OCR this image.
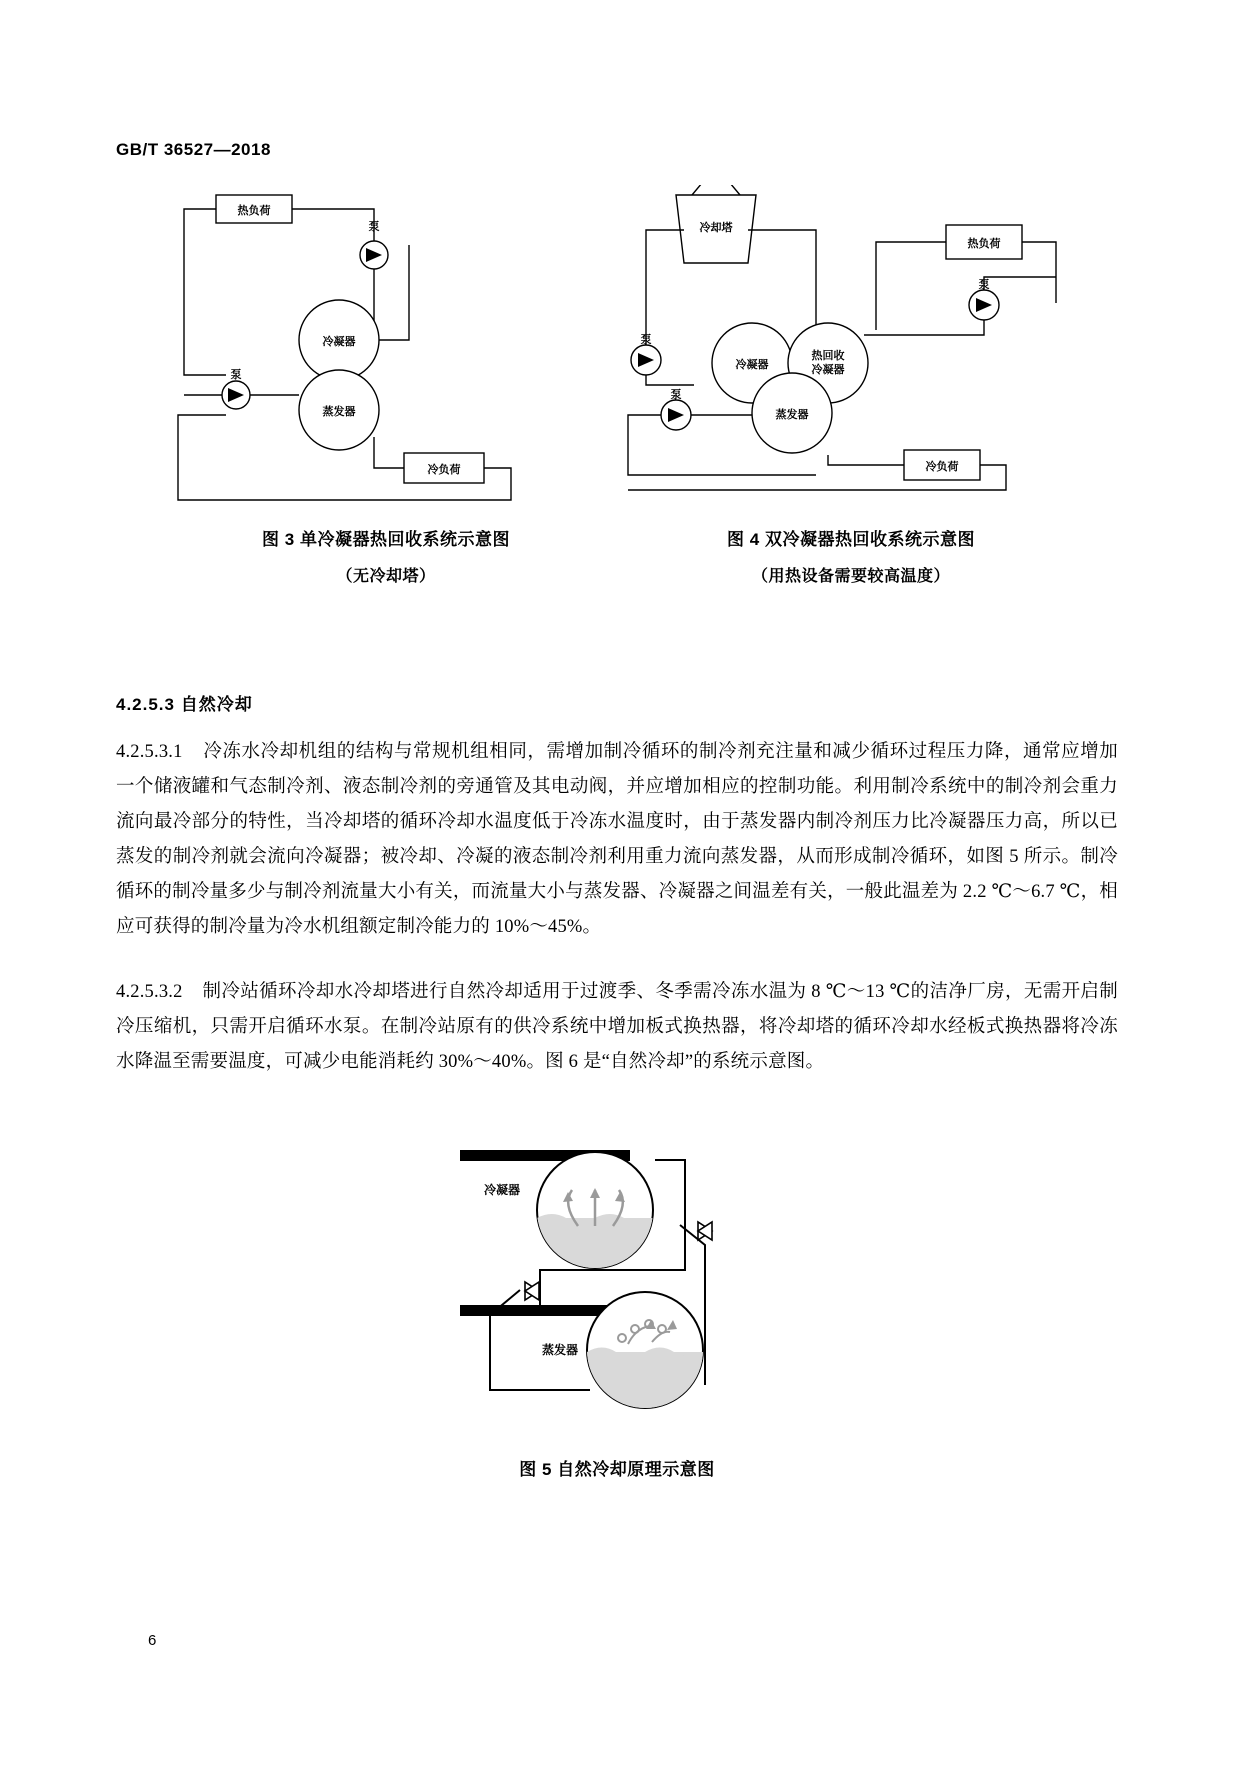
GB/T 36527—2018
热负荷
泵
冷凝器
蒸发器
泵
冷负荷
冷却塔
热负荷
泵
冷凝器
热回收
冷凝器
泵
泵
蒸发器
冷负荷
图 3 单冷凝器热回收系统示意图
（无冷却塔）
图 4 双冷凝器热回收系统示意图
（用热设备需要较高温度）
4.2.5.3 自然冷却
4.2.5.3.1 冷冻水冷却机组的结构与常规机组相同，需增加制冷循环的制冷剂充注量和减少循环过程压力降，通常应增加一个储液罐和气态制冷剂、液态制冷剂的旁通管及其电动阀，并应增加相应的控制功能。利用制冷系统中的制冷剂会重力流向最冷部分的特性，当冷却塔的循环冷却水温度低于冷冻水温度时，由于蒸发器内制冷剂压力比冷凝器压力高，所以已蒸发的制冷剂就会流向冷凝器；被冷却、冷凝的液态制冷剂利用重力流向蒸发器，从而形成制冷循环，如图 5 所示。制冷循环的制冷量多少与制冷剂流量大小有关，而流量大小与蒸发器、冷凝器之间温差有关，一般此温差为 2.2 ℃～6.7 ℃，相应可获得的制冷量为冷水机组额定制冷能力的 10%～45%。
4.2.5.3.2 制冷站循环冷却水冷却塔进行自然冷却适用于过渡季、冬季需冷冻水温为 8 ℃～13 ℃的洁净厂房，无需开启制冷压缩机，只需开启循环水泵。在制冷站原有的供冷系统中增加板式换热器，将冷却塔的循环冷却水经板式换热器将冷冻水降温至需要温度，可减少电能消耗约 30%～40%。图 6 是“自然冷却”的系统示意图。
冷凝器
蒸发器
图 5 自然冷却原理示意图
6
